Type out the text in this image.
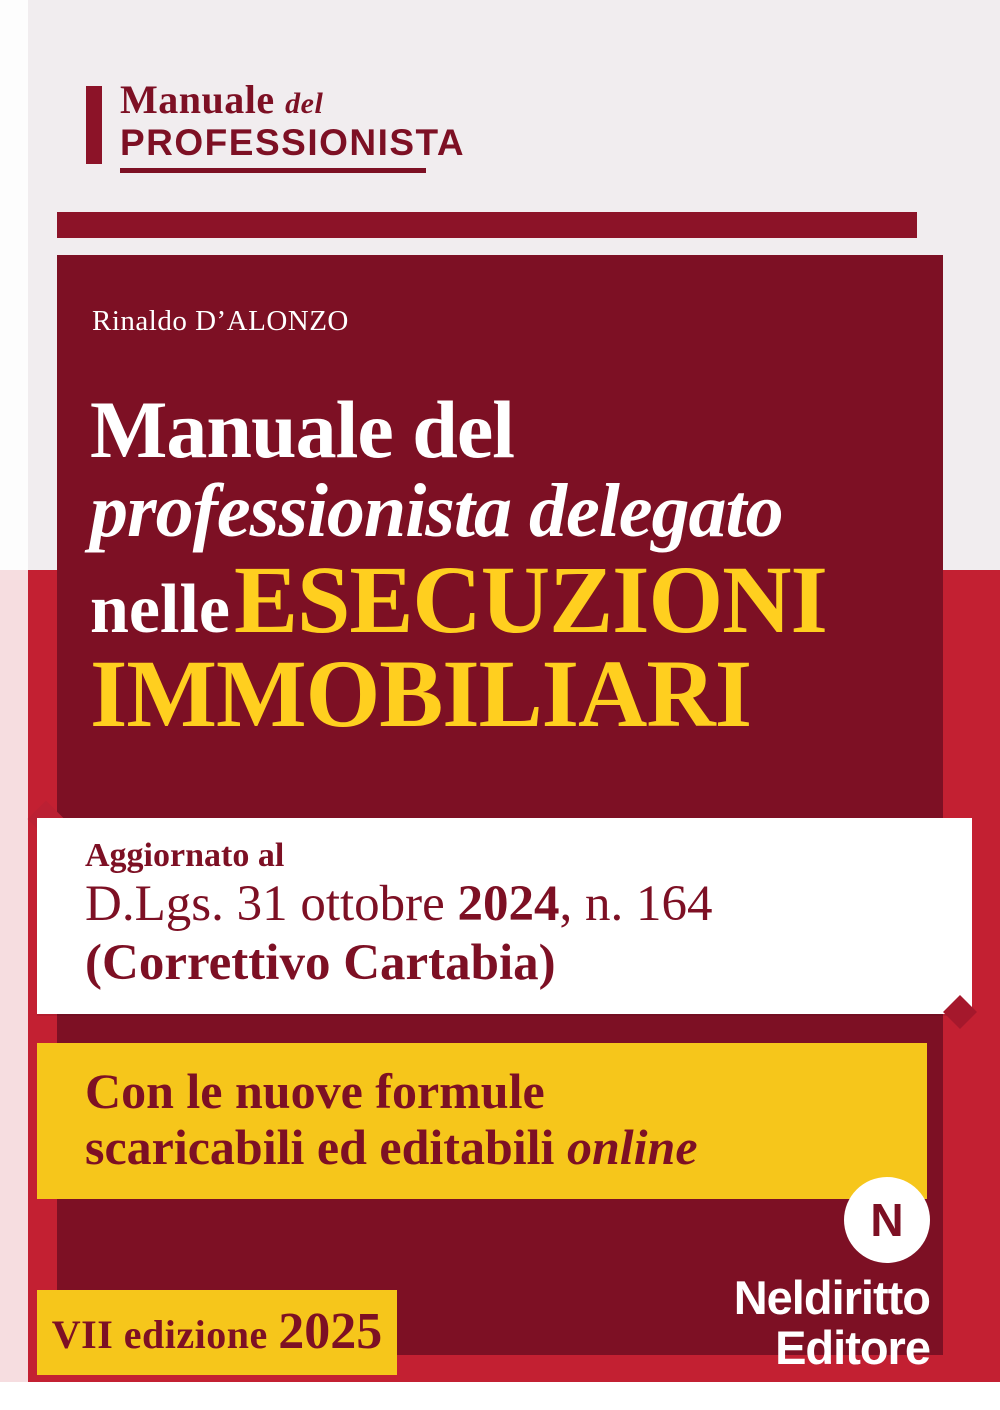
Manuale del
PROFESSIONISTA
Rinaldo D’ALONZO
Manuale del
professionista delegato
nelle ESECUZIONI
IMMOBILIARI
Aggiornato al
D.Lgs. 31 ottobre 2024, n. 164
(Correttivo Cartabia)
Con le nuove formule
scaricabili ed editabili online
N
Neldiritto
Editore
VII edizione 2025
